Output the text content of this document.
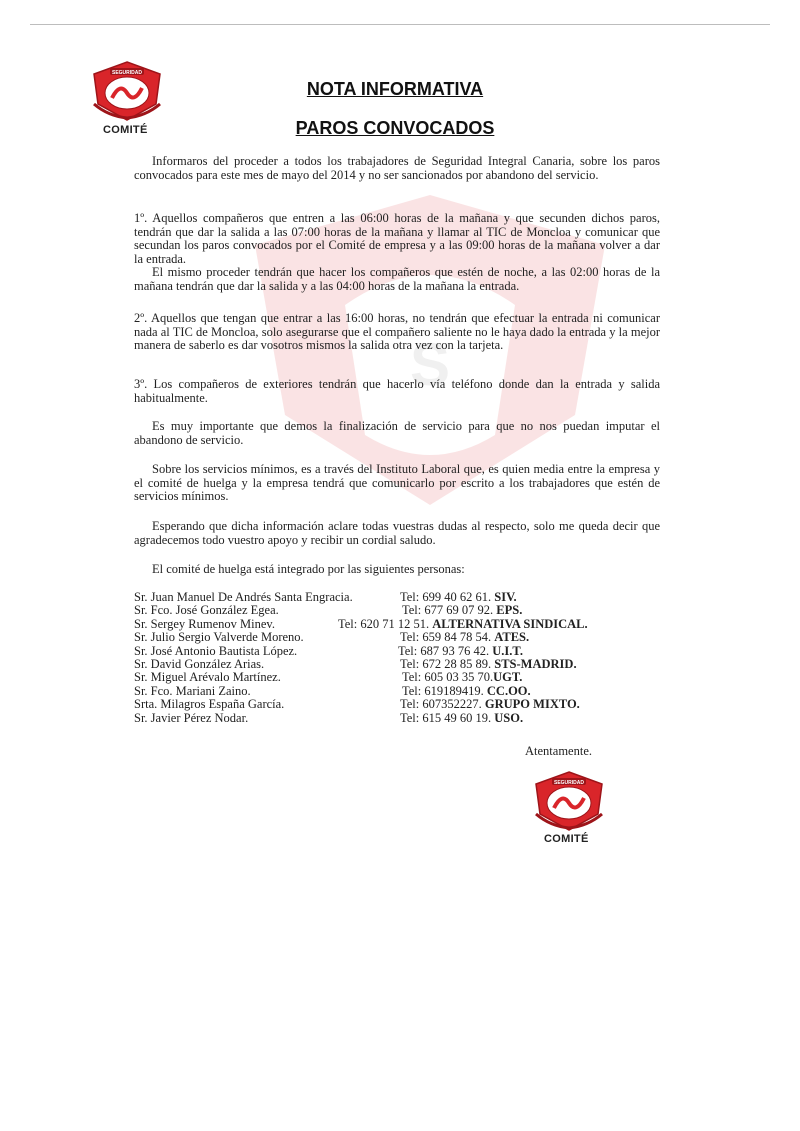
S
SEGURIDAD
COMITÉ
NOTA INFORMATIVA
PAROS CONVOCADOS

Informaros del proceder a todos los trabajadores de Seguridad Integral Canaria, sobre los paros convocados para este mes de mayo del 2014 y no ser sancionados por abandono del servicio.

1º. Aquellos compañeros que entren a las 06:00 horas de la mañana y que secunden dichos paros, tendrán que dar la salida a las 07:00 horas de la mañana y llamar al TIC de Moncloa y comunicar que secundan los paros convocados por el Comité de empresa y a las 09:00 horas de la mañana volver a dar la entrada.

El mismo proceder tendrán que hacer los compañeros que estén de noche, a las 02:00 horas de la mañana tendrán que dar la salida y a las 04:00 horas de la mañana la entrada.

2º. Aquellos que tengan que entrar a las 16:00 horas, no tendrán que efectuar la entrada ni comunicar nada al TIC de Moncloa, solo asegurarse que el compañero saliente no le haya dado la entrada y la mejor manera de saberlo es dar vosotros mismos la salida otra vez con la tarjeta.

3º. Los compañeros de exteriores tendrán que hacerlo vía teléfono donde dan la entrada y salida habitualmente.

Es muy importante que demos la finalización de servicio para que no nos puedan imputar el abandono de servicio.

Sobre los servicios mínimos, es a través del Instituto Laboral que, es quien media entre la empresa y el comité de huelga y la empresa tendrá que comunicarlo por escrito a los trabajadores que estén de servicios mínimos.

Esperando que dicha información aclare todas vuestras dudas al respecto, solo me queda decir que agradecemos todo vuestro apoyo y recibir un cordial saludo.

El comité de huelga está integrado por las siguientes personas:

Sr. Juan Manuel De Andrés Santa Engracia.	Tel: 699 40 62 61. SIV.
Sr. Fco. José González Egea.	Tel: 677 69 07 92. EPS.
Sr. Sergey Rumenov Minev.	Tel: 620 71 12 51. ALTERNATIVA SINDICAL.
Sr. Julio Sergio Valverde Moreno.	Tel: 659 84 78 54. ATES.
Sr. José Antonio Bautista López.	Tel: 687 93 76 42. U.I.T.
Sr. David González Arias.	Tel: 672 28 85 89. STS-MADRID.
Sr. Miguel Arévalo Martínez.	Tel: 605 03 35 70.UGT.
Sr. Fco. Mariani Zaino.	Tel: 619189419. CC.OO.
Srta. Milagros España García.	Tel: 607352227. GRUPO MIXTO.
Sr. Javier Pérez Nodar.	Tel: 615 49 60 19. USO.
Atentamente.
SEGURIDAD
COMITÉ
